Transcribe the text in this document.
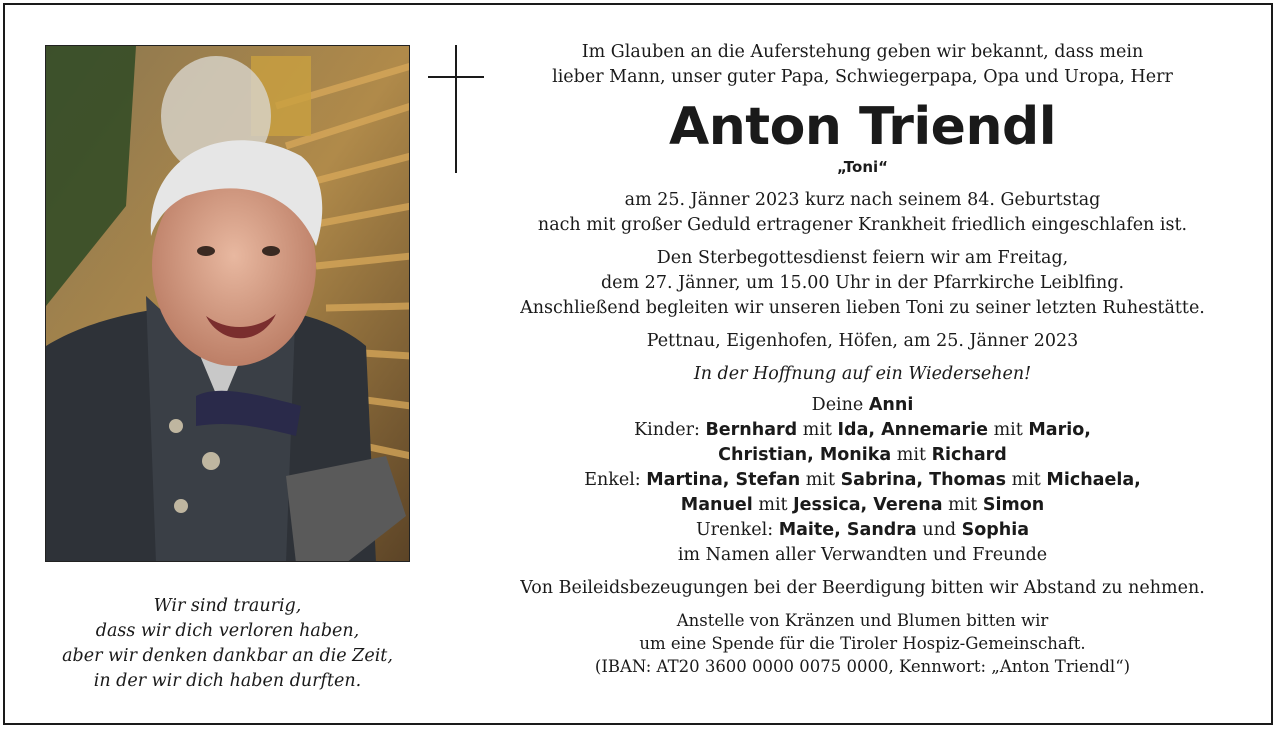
Wir sind traurig,
dass wir dich verloren haben,
aber wir denken dankbar an die Zeit,
in der wir dich haben durften.

Im Glauben an die Auferstehung geben wir bekannt, dass mein

lieber Mann, unser guter Papa, Schwiegerpapa, Opa und Uropa, Herr

Anton Triendl

„Toni“

am 25. Jänner 2023 kurz nach seinem 84. Geburtstag

nach mit großer Geduld ertragener Krankheit friedlich eingeschlafen ist.

Den Sterbegottesdienst feiern wir am Freitag,

dem 27. Jänner, um 15.00 Uhr in der Pfarrkirche Leiblfing.

Anschließend begleiten wir unseren lieben Toni zu seiner letzten Ruhestätte.

Pettnau, Eigenhofen, Höfen, am 25. Jänner 2023

In der Hoffnung auf ein Wiedersehen!

Deine Anni

Kinder: Bernhard mit Ida, Annemarie mit Mario,

Christian, Monika mit Richard

Enkel: Martina, Stefan mit Sabrina, Thomas mit Michaela,

Manuel mit Jessica, Verena mit Simon

Urenkel: Maite, Sandra und Sophia

im Namen aller Verwandten und Freunde

Von Beileidsbezeugungen bei der Beerdigung bitten wir Abstand zu nehmen.

Anstelle von Kränzen und Blumen bitten wir

um eine Spende für die Tiroler Hospiz-Gemeinschaft.

(IBAN: AT20 3600 0000 0075 0000, Kennwort: „Anton Triendl“)
